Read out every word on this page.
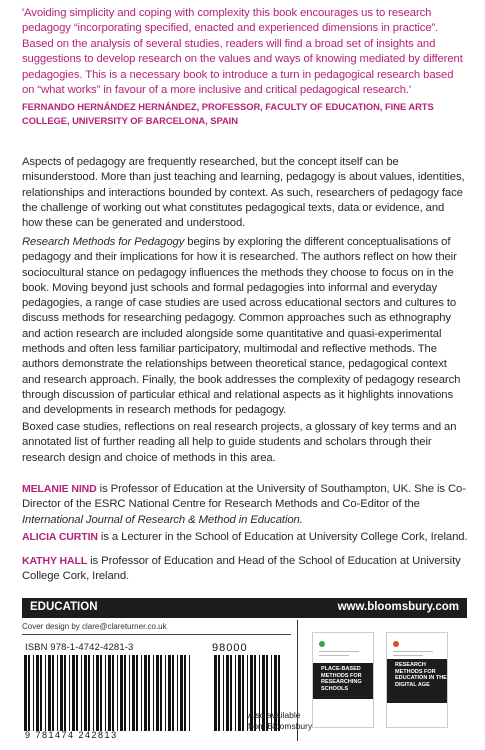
'Avoiding simplicity and coping with complexity this book encourages us to research pedagogy “incorporating specified, enacted and experienced dimensions in practice”. Based on the analysis of several studies, readers will find a broad set of insights and suggestions to develop research on the values and ways of knowing mediated by different pedagogies. This is a necessary book to introduce a turn in pedagogical research based on “what works” in favour of a more inclusive and critical pedagogical research.'
FERNANDO HERNÁNDEZ HERNÁNDEZ, PROFESSOR, FACULTY OF EDUCATION, FINE ARTS COLLEGE, UNIVERSITY OF BARCELONA, SPAIN
Aspects of pedagogy are frequently researched, but the concept itself can be misunderstood. More than just teaching and learning, pedagogy is about values, identities, relationships and interactions bounded by context. As such, researchers of pedagogy face the challenge of working out what constitutes pedagogical texts, data or evidence, and how these can be generated and understood.
Research Methods for Pedagogy begins by exploring the different conceptualisations of pedagogy and their implications for how it is researched. The authors reflect on how their sociocultural stance on pedagogy influences the methods they choose to focus on in the book. Moving beyond just schools and formal pedagogies into informal and everyday pedagogies, a range of case studies are used across educational sectors and cultures to discuss methods for researching pedagogy. Common approaches such as ethnography and action research are included alongside some quantitative and quasi-experimental methods and often less familiar participatory, multimodal and reflective methods. The authors demonstrate the relationships between theoretical stance, pedagogical context and research approach. Finally, the book addresses the complexity of pedagogy research through discussion of particular ethical and relational aspects as it highlights innovations and developments in research methods for pedagogy.
Boxed case studies, reflections on real research projects, a glossary of key terms and an annotated list of further reading all help to guide students and scholars through their research design and choice of methods in this area.
MELANIE NIND is Professor of Education at the University of Southampton, UK. She is Co-Director of the ESRC National Centre for Research Methods and Co-Editor of the International Journal of Research & Method in Education.
ALICIA CURTIN is a Lecturer in the School of Education at University College Cork, Ireland.
KATHY HALL is Professor of Education and Head of the School of Education at University College Cork, Ireland.
EDUCATION	www.bloomsbury.com
Cover design by clare@clareturner.co.uk
ISBN 978-1-4742-4281-3	98000
9 781474 242813
Also available
from Bloomsbury
PLACE-BASED METHODS FOR RESEARCHING SCHOOLS
RESEARCH METHODS FOR EDUCATION IN THE DIGITAL AGE
